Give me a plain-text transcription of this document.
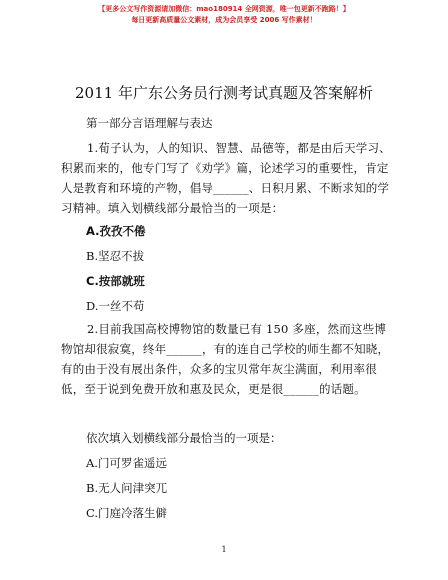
【更多公文写作资源请加微信：mao180914 全网资源，唯一包更新不跑路！】
每日更新高质量公文素材，成为会员享受 2006 写作素材！
2011 年广东公务员行测考试真题及答案解析
第一部分言语理解与表达
1.荀子认为，人的知识、智慧、品德等，都是由后天学习、积累而来的，他专门写了《劝学》篇，论述学习的重要性，肯定人是教育和环境的产物，倡导______、日积月累、不断求知的学习精神。填入划横线部分最恰当的一项是：
A.孜孜不倦
B.坚忍不拔
C.按部就班
D.一丝不苟
2.目前我国高校博物馆的数量已有 150 多座，然而这些博物馆却很寂寞，终年______，有的连自己学校的师生都不知晓，有的由于没有展出条件，众多的宝贝常年灰尘满面，利用率很低，至于说到免费开放和惠及民众，更是很______的话题。
依次填入划横线部分最恰当的一项是：
A.门可罗雀遥远
B.无人问津突兀
C.门庭冷落生僻
1
